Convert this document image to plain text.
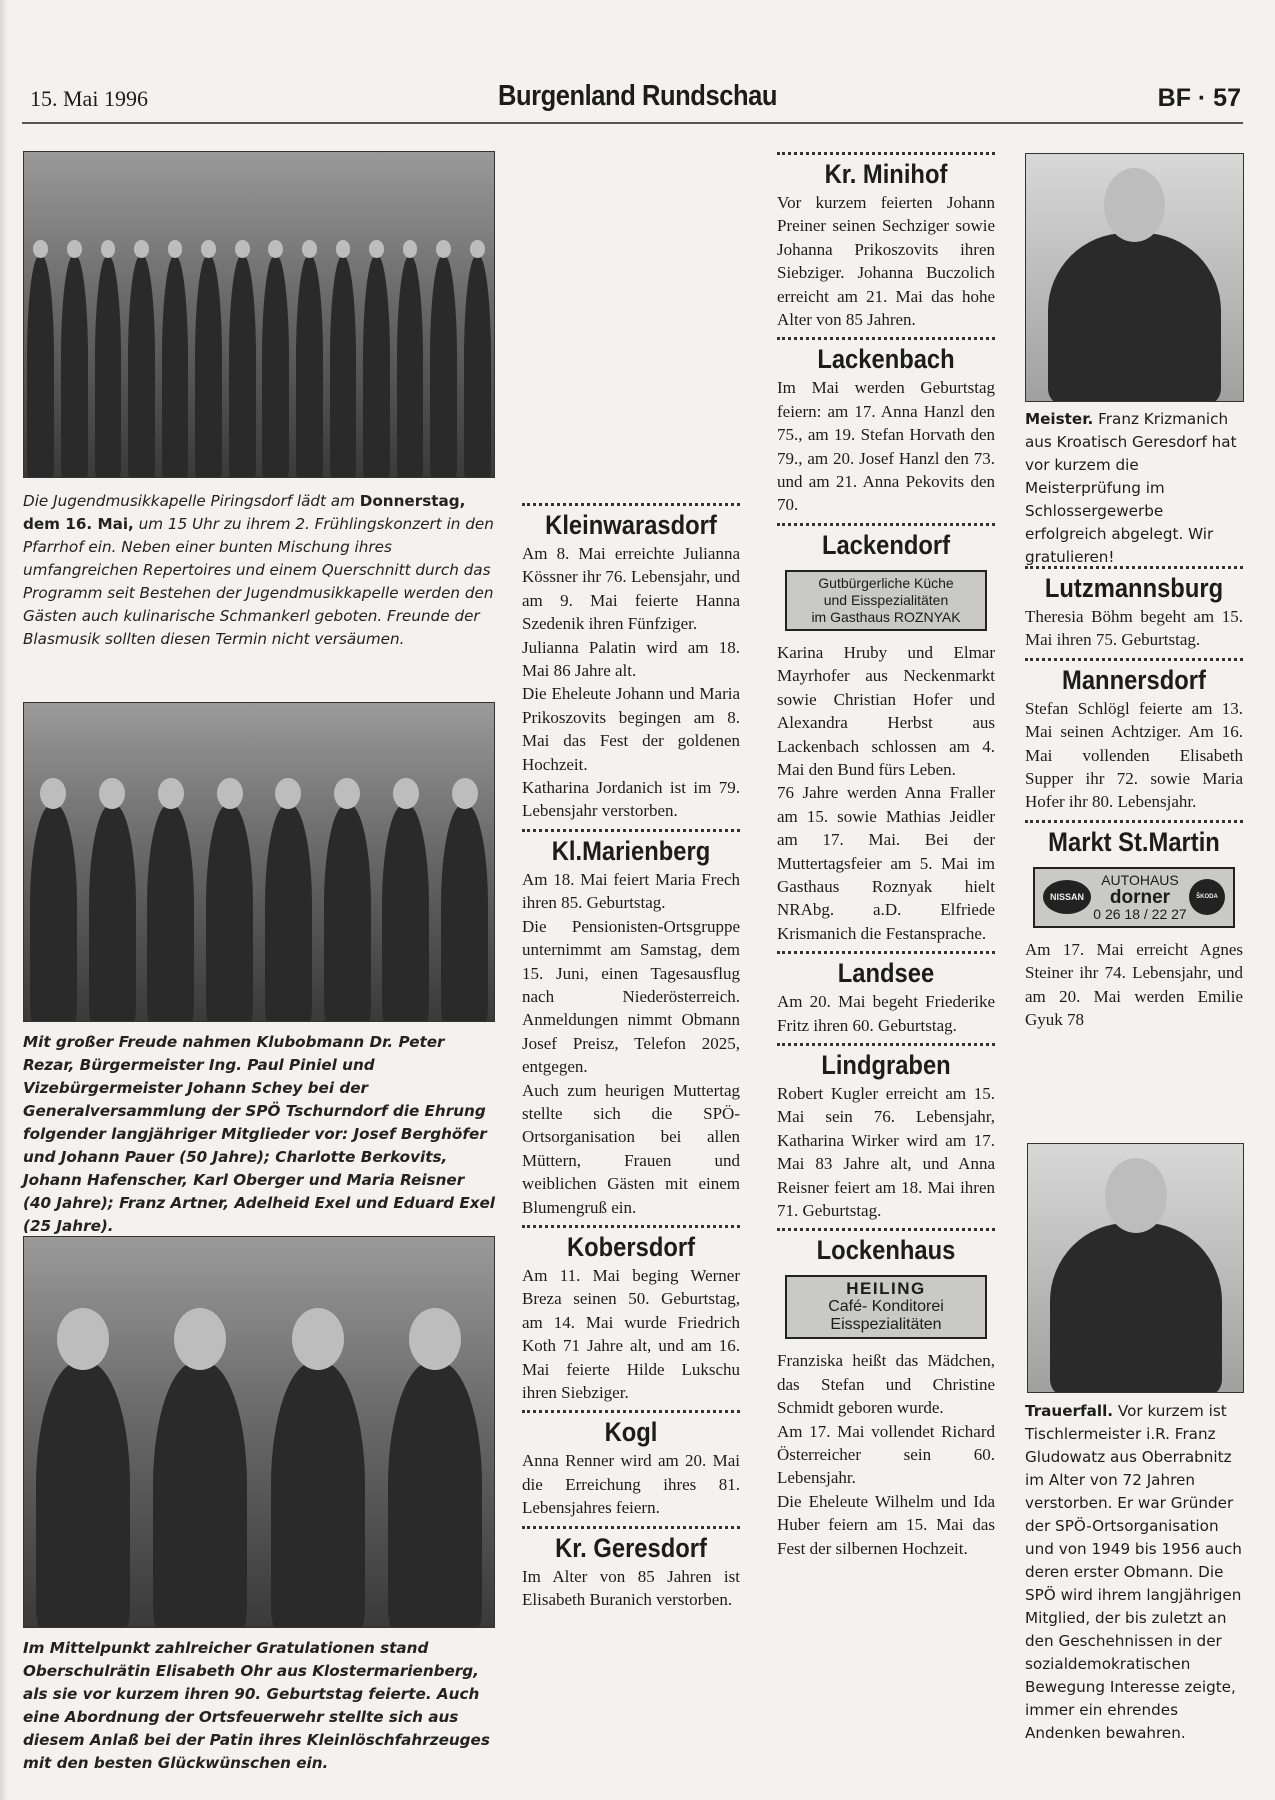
15. Mai 1996	Burgenland Rundschau	BF · 57
Die Jugendmusikkapelle Piringsdorf lädt am Donnerstag, dem 16. Mai, um 15 Uhr zu ihrem 2. Frühlingskonzert in den Pfarrhof ein. Neben einer bunten Mischung ihres umfangreichen Repertoires und einem Querschnitt durch das Programm seit Bestehen der Jugendmusikkapelle werden den Gästen auch kulinarische Schmankerl geboten. Freunde der Blasmusik sollten diesen Termin nicht versäumen.
Mit großer Freude nahmen Klubobmann Dr. Peter Rezar, Bürgermeister Ing. Paul Piniel und Vizebürgermeister Johann Schey bei der Generalversammlung der SPÖ Tschurndorf die Ehrung folgender langjähriger Mitglieder vor: Josef Berghöfer und Johann Pauer (50 Jahre); Charlotte Berkovits, Johann Hafenscher, Karl Oberger und Maria Reisner (40 Jahre); Franz Artner, Adelheid Exel und Eduard Exel (25 Jahre).
Im Mittelpunkt zahlreicher Gratulationen stand Oberschulrätin Elisabeth Ohr aus Klostermarienberg, als sie vor kurzem ihren 90. Geburtstag feierte. Auch eine Abordnung der Ortsfeuerwehr stellte sich aus diesem Anlaß bei der Patin ihres Kleinlöschfahrzeuges mit den besten Glückwünschen ein.
Kleinwarasdorf

Am 8. Mai erreichte Julianna Kössner ihr 76. Lebensjahr, und am 9. Mai feierte Hanna Szedenik ihren Fünfziger.

Julianna Palatin wird am 18. Mai 86 Jahre alt.

Die Eheleute Johann und Maria Prikoszovits begingen am 8. Mai das Fest der goldenen Hochzeit.

Katharina Jordanich ist im 79. Lebensjahr verstorben.

Kl.Marienberg

Am 18. Mai feiert Maria Frech ihren 85. Geburtstag.

Die Pensionisten-Ortsgruppe unternimmt am Samstag, dem 15. Juni, einen Tagesausflug nach Niederösterreich. Anmeldungen nimmt Obmann Josef Preisz, Telefon 2025, entgegen.

Auch zum heurigen Muttertag stellte sich die SPÖ-Ortsorganisation bei allen Müttern, Frauen und weiblichen Gästen mit einem Blumengruß ein.

Kobersdorf

Am 11. Mai beging Werner Breza seinen 50. Geburtstag, am 14. Mai wurde Friedrich Koth 71 Jahre alt, und am 16. Mai feierte Hilde Lukschu ihren Siebziger.

Kogl

Anna Renner wird am 20. Mai die Erreichung ihres 81. Lebensjahres feiern.

Kr. Geresdorf

Im Alter von 85 Jahren ist Elisabeth Buranich verstorben.

Kr. Minihof

Vor kurzem feierten Johann Preiner seinen Sechziger sowie Johanna Prikoszovits ihren Siebziger. Johanna Buczolich erreicht am 21. Mai das hohe Alter von 85 Jahren.

Lackenbach

Im Mai werden Geburtstag feiern: am 17. Anna Hanzl den 75., am 19. Stefan Horvath den 79., am 20. Josef Hanzl den 73. und am 21. Anna Pekovits den 70.

Lackendorf
Gutbürgerliche Küche
und Eisspezialitäten
im Gasthaus ROZNYAK

Karina Hruby und Elmar Mayrhofer aus Neckenmarkt sowie Christian Hofer und Alexandra Herbst aus Lackenbach schlossen am 4. Mai den Bund fürs Leben.

76 Jahre werden Anna Fraller am 15. sowie Mathias Jeidler am 17. Mai. Bei der Muttertagsfeier am 5. Mai im Gasthaus Roznyak hielt NRAbg. a.D. Elfriede Krismanich die Festansprache.

Landsee

Am 20. Mai begeht Friederike Fritz ihren 60. Geburtstag.

Lindgraben

Robert Kugler erreicht am 15. Mai sein 76. Lebensjahr, Katharina Wirker wird am 17. Mai 83 Jahre alt, und Anna Reisner feiert am 18. Mai ihren 71. Geburtstag.

Lockenhaus
HEILING
Café- Konditorei
Eisspezialitäten

Franziska heißt das Mädchen, das Stefan und Christine Schmidt geboren wurde.

Am 17. Mai vollendet Richard Österreicher sein 60. Lebensjahr.

Die Eheleute Wilhelm und Ida Huber feiern am 15. Mai das Fest der silbernen Hochzeit.

Meister. Franz Krizmanich aus Kroatisch Geresdorf hat vor kurzem die Meisterprüfung im Schlossergewerbe erfolgreich abgelegt. Wir gratulieren!
Lutzmannsburg

Theresia Böhm begeht am 15. Mai ihren 75. Geburtstag.

Mannersdorf

Stefan Schlögl feierte am 13. Mai seinen Achtziger. Am 16. Mai vollenden Elisabeth Supper ihr 72. sowie Maria Hofer ihr 80. Lebensjahr.

Markt St.Martin
NISSAN
AUTOHAUS
dorner
0 26 18 / 22 27
ŠKODA

Am 17. Mai erreicht Agnes Steiner ihr 74. Lebensjahr, und am 20. Mai werden Emilie Gyuk 78

Trauerfall. Vor kurzem ist Tischlermeister i.R. Franz Gludowatz aus Oberrabnitz im Alter von 72 Jahren verstorben. Er war Gründer der SPÖ-Ortsorganisation und von 1949 bis 1956 auch deren erster Obmann. Die SPÖ wird ihrem langjährigen Mitglied, der bis zuletzt an den Geschehnissen in der sozialdemokratischen Bewegung Interesse zeigte, immer ein ehrendes Andenken bewahren.
